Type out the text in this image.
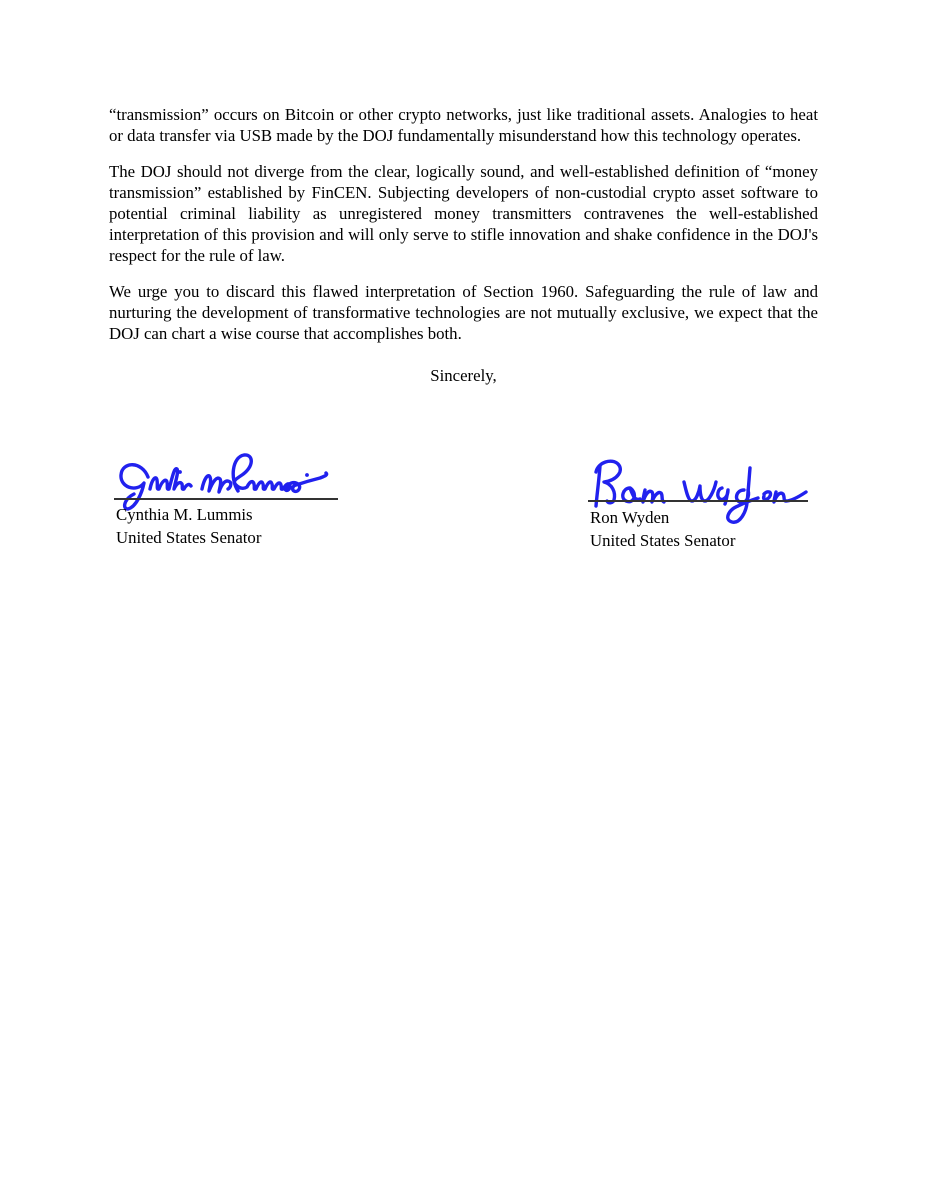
“transmission” occurs on Bitcoin or other crypto networks, just like traditional assets. Analogies to heat or data transfer via USB made by the DOJ fundamentally misunderstand how this technology operates.

The DOJ should not diverge from the clear, logically sound, and well-established definition of “money transmission” established by FinCEN. Subjecting developers of non-custodial crypto asset software to potential criminal liability as unregistered money transmitters contravenes the well-established interpretation of this provision and will only serve to stifle innovation and shake confidence in the DOJ's respect for the rule of law.

We urge you to discard this flawed interpretation of Section 1960. Safeguarding the rule of law and nurturing the development of transformative technologies are not mutually exclusive, we expect that the DOJ can chart a wise course that accomplishes both.

Sincerely,

Cynthia M. Lummis
United States Senator
Ron Wyden
United States Senator
